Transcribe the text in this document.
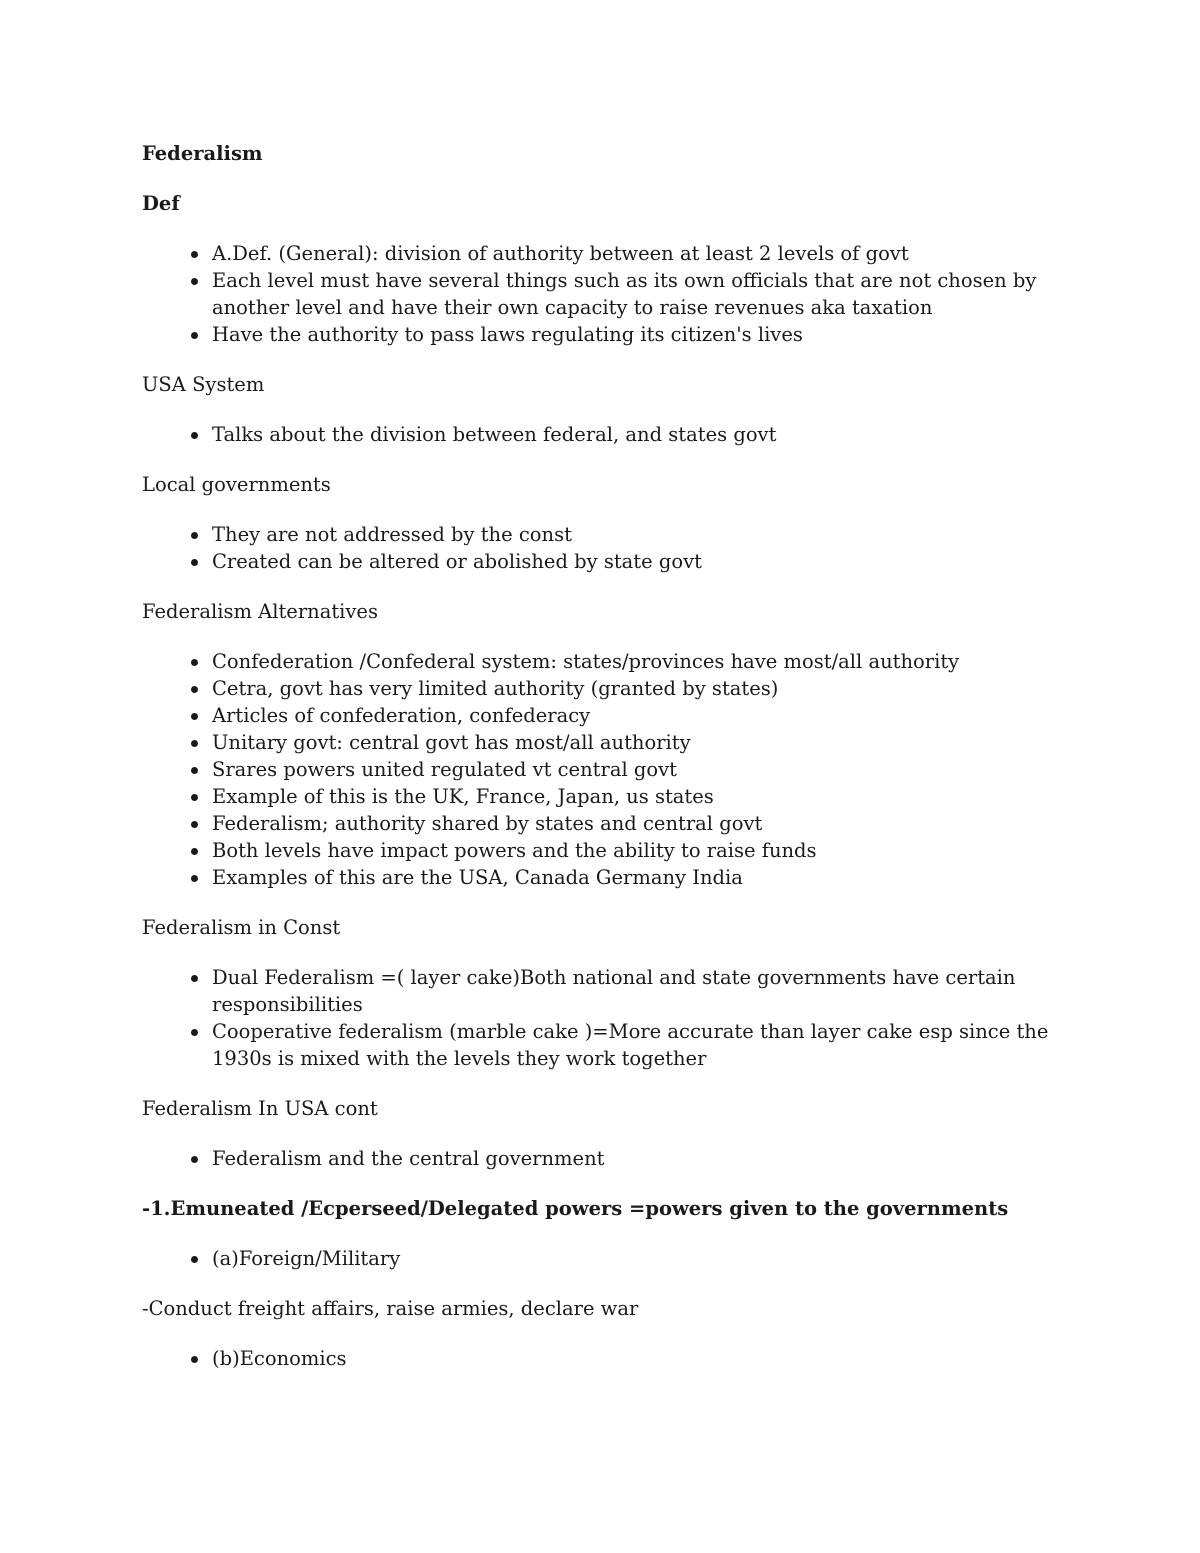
Federalism

Def

A.Def. (General): division of authority between at least 2 levels of govt
Each level must have several things such as its own officials that are not chosen by another level and have their own capacity to raise revenues aka taxation
Have the authority to pass laws regulating its citizen's lives

USA System

Talks about the division between federal, and states govt

Local governments

They are not addressed by the const
Created can be altered or abolished by state govt

Federalism Alternatives

Confederation /Confederal system: states/provinces have most/all authority
Cetra, govt has very limited authority (granted by states)
Articles of confederation, confederacy
Unitary govt: central govt has most/all authority
Srares powers united regulated vt central govt
Example of this is the UK, France, Japan, us states
Federalism; authority shared by states and central govt
Both levels have impact powers and the ability to raise funds
Examples of this are the USA, Canada Germany India

Federalism in Const

Dual Federalism =( layer cake)Both national and state governments have certain responsibilities
Cooperative federalism (marble cake )=More accurate than layer cake esp since the 1930s is mixed with the levels they work together

Federalism In USA cont

Federalism and the central government

-1.Emuneated /Ecperseed/Delegated powers =powers given to the governments

(a)Foreign/Military

-Conduct freight affairs, raise armies, declare war

(b)Economics
